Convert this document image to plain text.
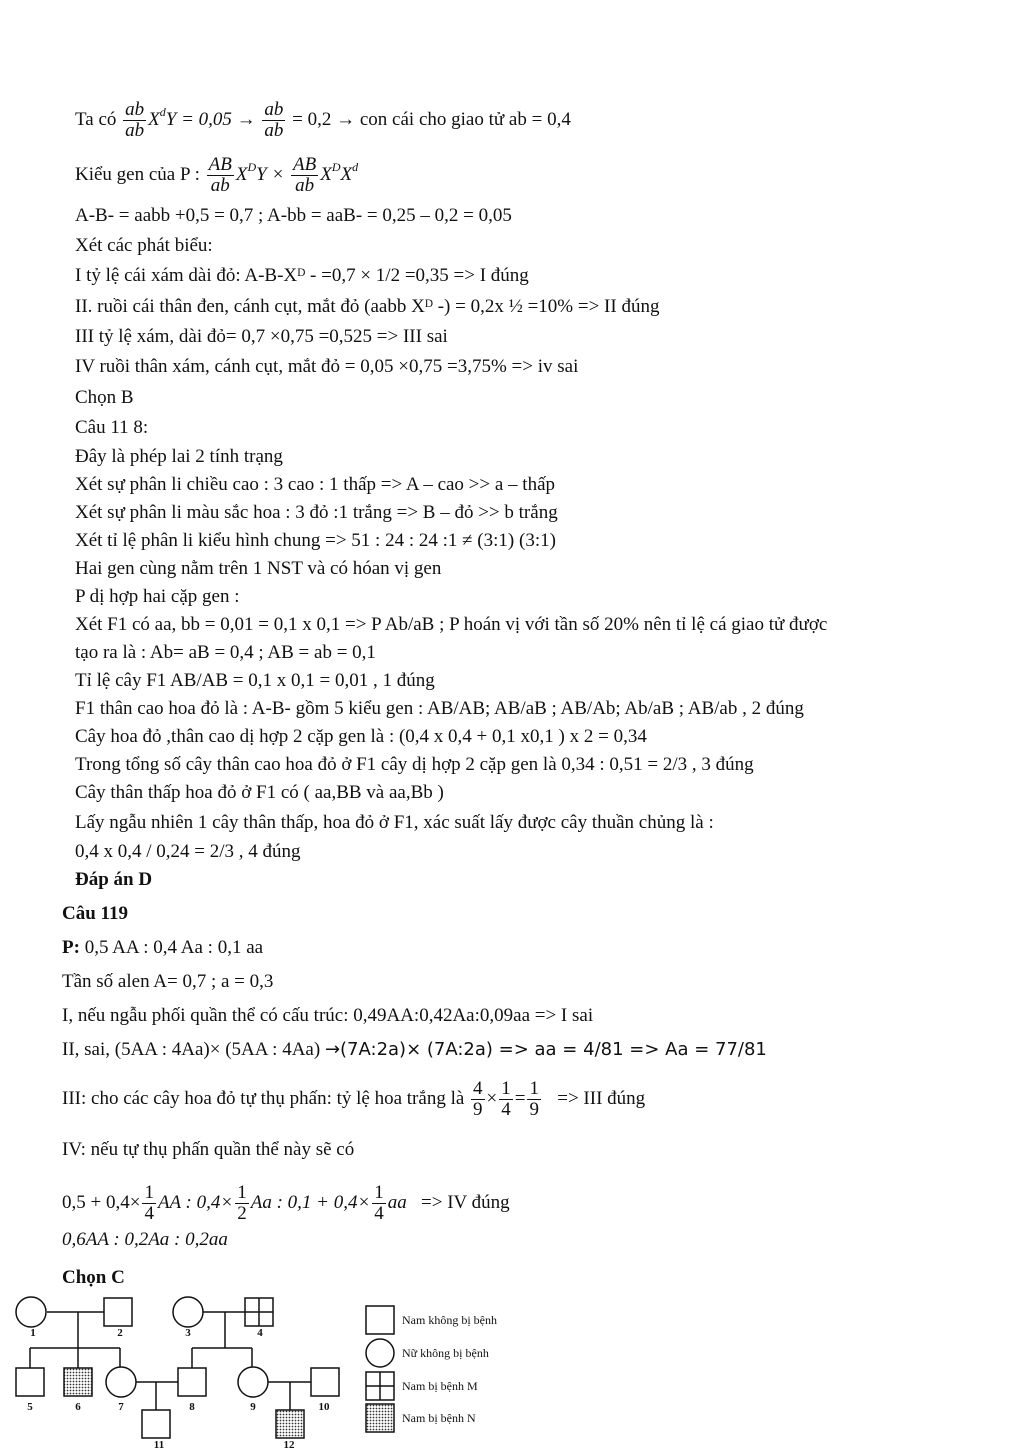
Ta có $\frac{ab}{ab} X^dY = 0,05 \to \frac{ab}{ab} = 0,2$ → con cái cho giao tử ab = 0,4
Kiểu gen của P : $\frac{AB}{ab} X^DY \times \frac{AB}{ab} X^DX^d$
A-B- = aabb +0,5 = 0,7 ; A-bb = aaB- = 0,25 – 0,2 = 0,05
Xét các phát biểu:
I tỷ lệ cái xám dài đỏ: A-B-Xᴰ - =0,7 × 1/2 =0,35 => I đúng
II. ruồi cái thân đen, cánh cụt, mắt đỏ (aabb Xᴰ -) = 0,2x ½ =10% => II đúng
III tỷ lệ xám, dài đỏ= 0,7 ×0,75 =0,525 => III sai
IV ruồi thân xám, cánh cụt, mắt đỏ = 0,05 ×0,75 =3,75% => iv sai
Chọn B
Câu 11 8:
Đây là phép lai 2 tính trạng
Xét sự phân li chiều cao : 3 cao : 1 thấp => A – cao >> a – thấp
Xét sự phân li màu sắc hoa : 3 đỏ :1 trắng => B – đỏ >> b trắng
Xét tỉ lệ phân li kiểu hình chung => 51 : 24 : 24 :1 ≠ (3:1) (3:1)
Hai gen cùng nằm trên 1 NST và có hóan vị gen
P dị hợp hai cặp gen :
Xét F1 có aa, bb = 0,01 = 0,1 x 0,1 => P Ab/aB ; P hoán vị với tần số 20% nên tỉ lệ cá giao tử được
tạo ra là : Ab= aB = 0,4 ; AB = ab = 0,1
Tỉ lệ cây F1 AB/AB = 0,1 x 0,1 = 0,01 , 1 đúng
F1 thân cao hoa đỏ là : A-B- gồm 5 kiểu gen : AB/AB; AB/aB ; AB/Ab; Ab/aB ; AB/ab , 2 đúng
Cây hoa đỏ ,thân cao dị hợp 2 cặp gen là : (0,4 x 0,4 + 0,1 x0,1 ) x 2 = 0,34
Trong tổng số cây thân cao hoa đỏ ở F1 cây dị hợp 2 cặp gen là 0,34 : 0,51 = 2/3 , 3 đúng
Cây thân thấp hoa đỏ ở F1 có ( aa,BB và aa,Bb )
Lấy ngẫu nhiên 1 cây thân thấp, hoa đỏ ở F1, xác suất lấy được cây thuần chủng là :
0,4 x 0,4 / 0,24 = 2/3 , 4 đúng
Đáp án D
Câu 119
P: 0,5 AA : 0,4 Aa : 0,1 aa
Tần số alen A= 0,7 ; a = 0,3
I, nếu ngẫu phối quần thể có cấu trúc: 0,49AA:0,42Aa:0,09aa => I sai
II, sai, (5AA : 4Aa)× (5AA : 4Aa) →(7A:2a)× (7A:2a) => aa = 4/81 => Aa = 77/81
III: cho các cây hoa đỏ tự thụ phấn: tỷ lệ hoa trắng là $\frac{4}{9} \times \frac{1}{4} = \frac{1}{9}$ => III đúng
IV: nếu tự thụ phấn quần thể này sẽ có
$0,5 + 0,4\times \frac{1}{4}$ AA : $0,4\times \frac{1}{2}$ Aa : $0,1 + 0,4\times \frac{1}{4}$ aa => IV đúng
0,6AA : 0,2Aa : 0,2aa
Chọn C
1	2	3	4
5	6	7	8	9	10
11	12
Nam không bị bệnh
Nữ không bị bệnh
Nam bị bệnh M
Nam bị bệnh N
